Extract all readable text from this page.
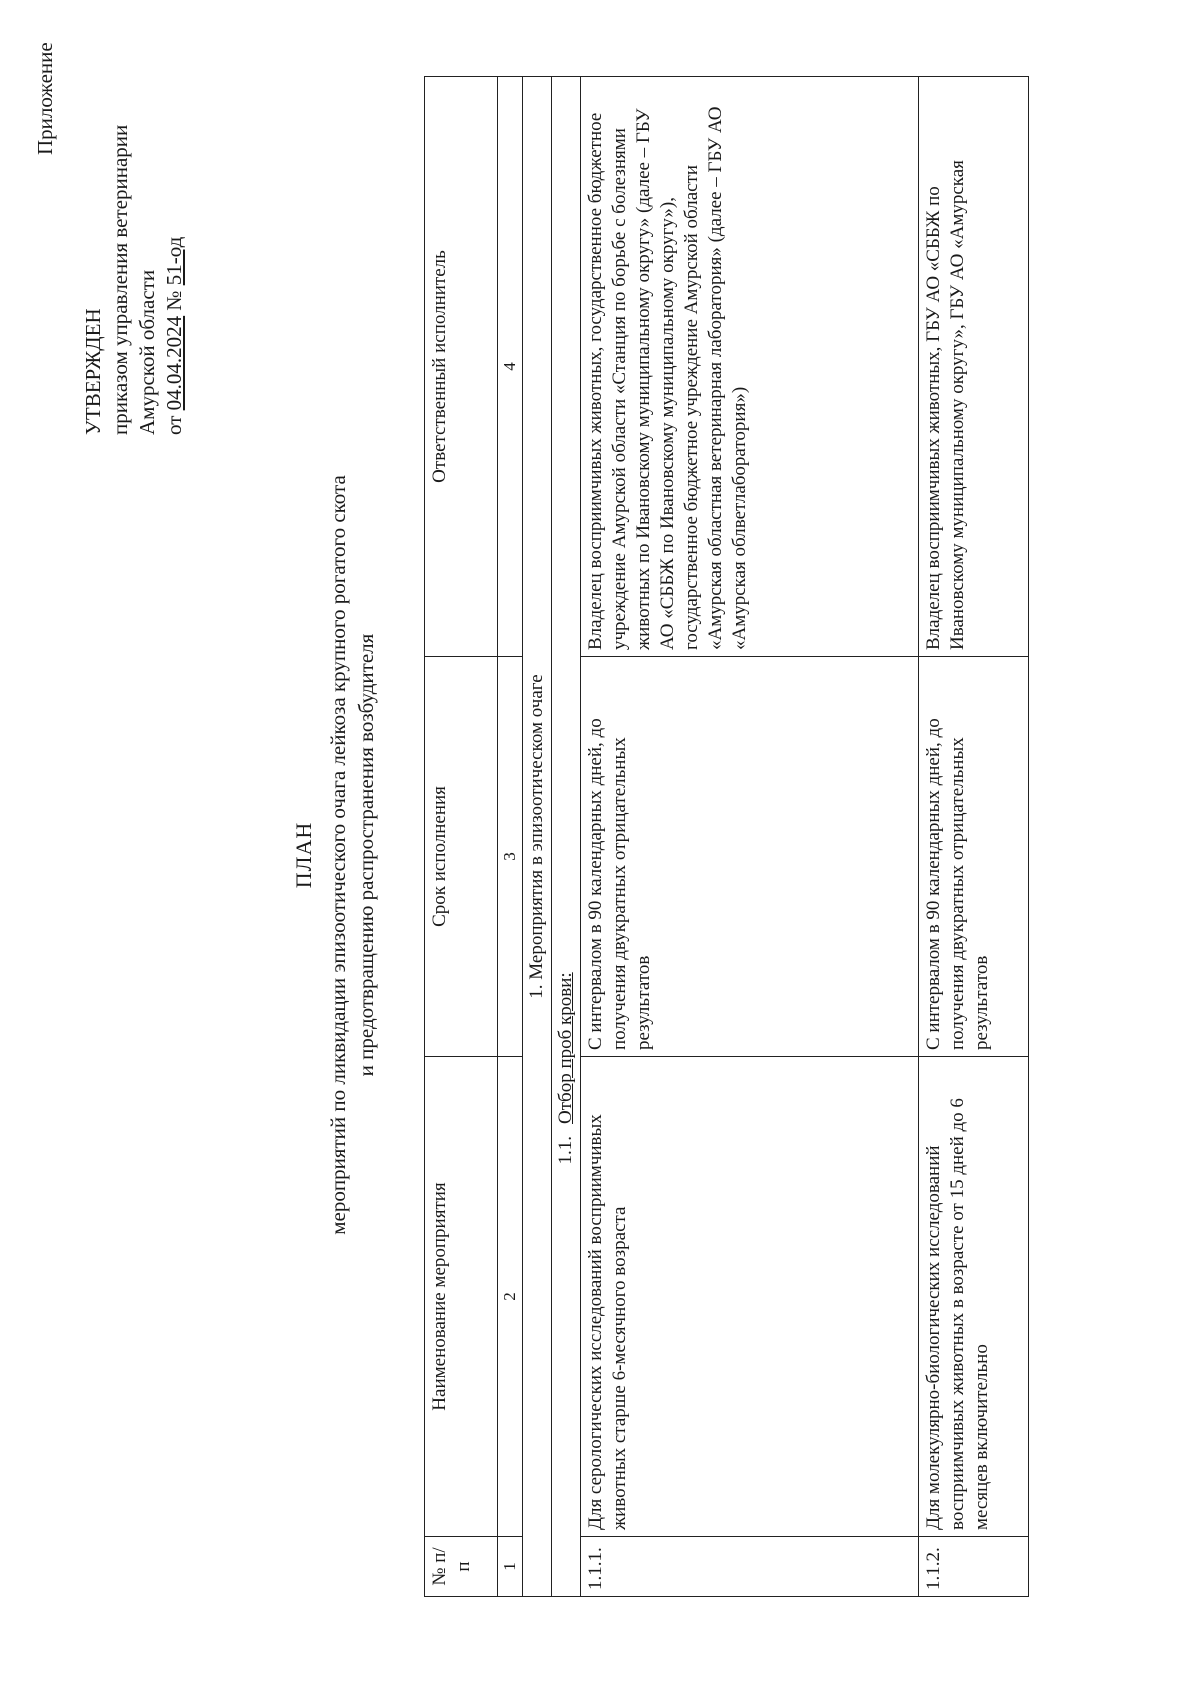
Приложение
УТВЕРЖДЕН приказом управления ветеринарии Амурской области от 04.04.2024 № 51-од
ПЛАН мероприятий по ликвидации эпизоотического очага лейкоза крупного рогатого скота и предотвращению распространения возбудителя
№ п/п	Наименование мероприятия	Срок исполнения	Ответственный исполнитель
1	2	3	4
1. Мероприятия в эпизоотическом очаге			

1.1.
Отбор проб крови:			

1.1.1.	Для серологических исследований восприимчивых животных старше 6-месячного возраста	С интервалом в 90 календарных дней, до получения двукратных отрицательных результатов	Владелец восприимчивых животных, государственное бюджетное учреждение Амурской области «Станция по борьбе с болезнями животных по Ивановскому муниципальному округу» (далее – ГБУ АО «СББЖ по Ивановскому муниципальному округу»), государственное бюджетное учреждение Амурской области «Амурская областная ветеринарная лаборатория» (далее – ГБУ АО «Амурская облветлаборатория»)
1.1.2.	Для молекулярно-биологических исследований восприимчивых животных в возрасте от 15 дней до 6 месяцев включительно	С интервалом в 90 календарных дней, до получения двукратных отрицательных результатов	Владелец восприимчивых животных, ГБУ АО «СББЖ по Ивановскому муниципальному округу», ГБУ АО «Амурская
